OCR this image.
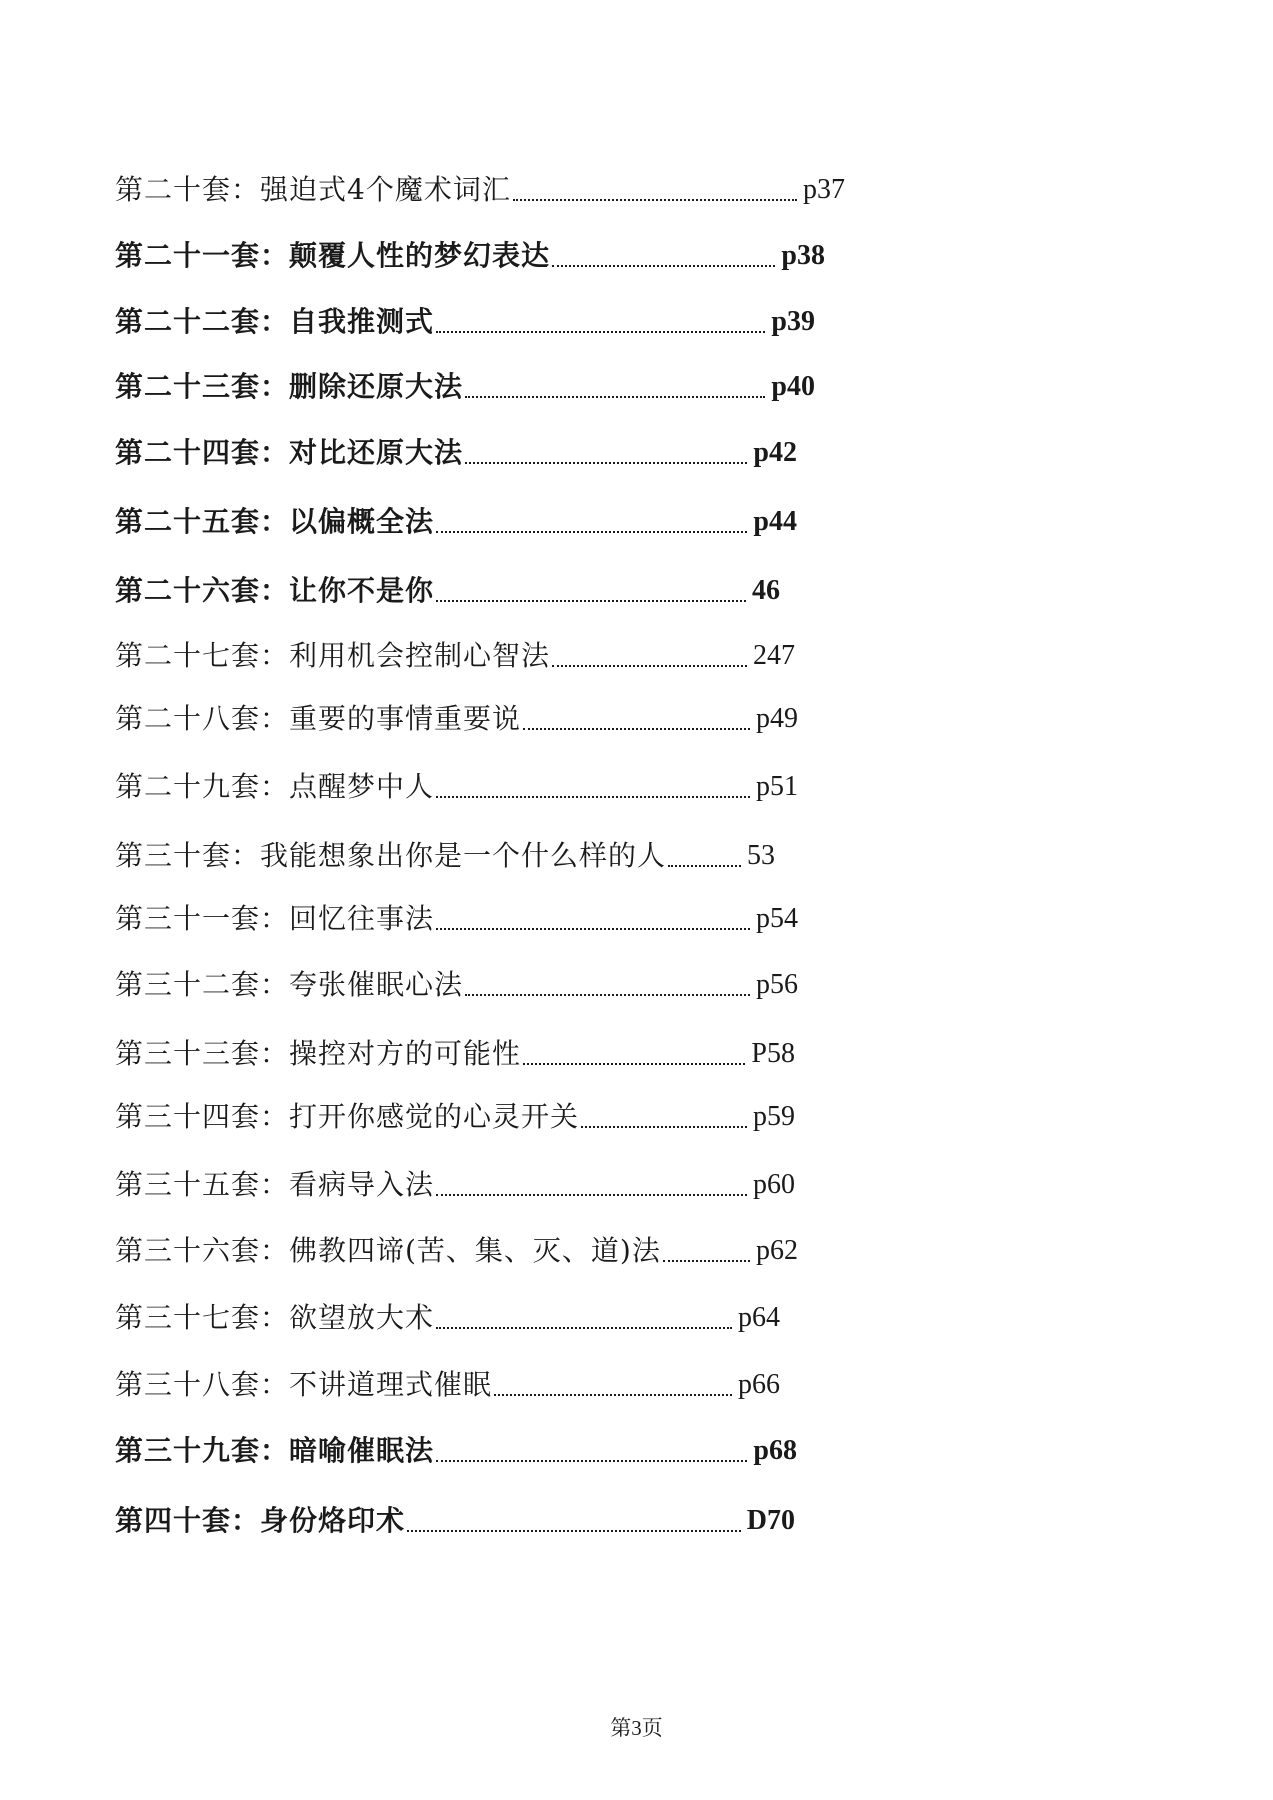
第二十套：强迫式4个魔术词汇	p37
第二十一套：颠覆人性的梦幻表达	p38
第二十二套：自我推测式	p39
第二十三套：删除还原大法	p40
第二十四套：对比还原大法	p42
第二十五套：以偏概全法	p44
第二十六套：让你不是你	46
第二十七套：利用机会控制心智法	247
第二十八套：重要的事情重要说	p49
第二十九套：点醒梦中人	p51
第三十套：我能想象出你是一个什么样的人	53
第三十一套：回忆往事法	p54
第三十二套：夸张催眠心法	p56
第三十三套：操控对方的可能性	P58
第三十四套：打开你感觉的心灵开关	p59
第三十五套：看病导入法	p60
第三十六套：佛教四谛(苦、集、灭、道)法	p62
第三十七套：欲望放大术	p64
第三十八套：不讲道理式催眠	p66
第三十九套：暗喻催眠法	p68
第四十套：身份烙印术	D70
第3页
